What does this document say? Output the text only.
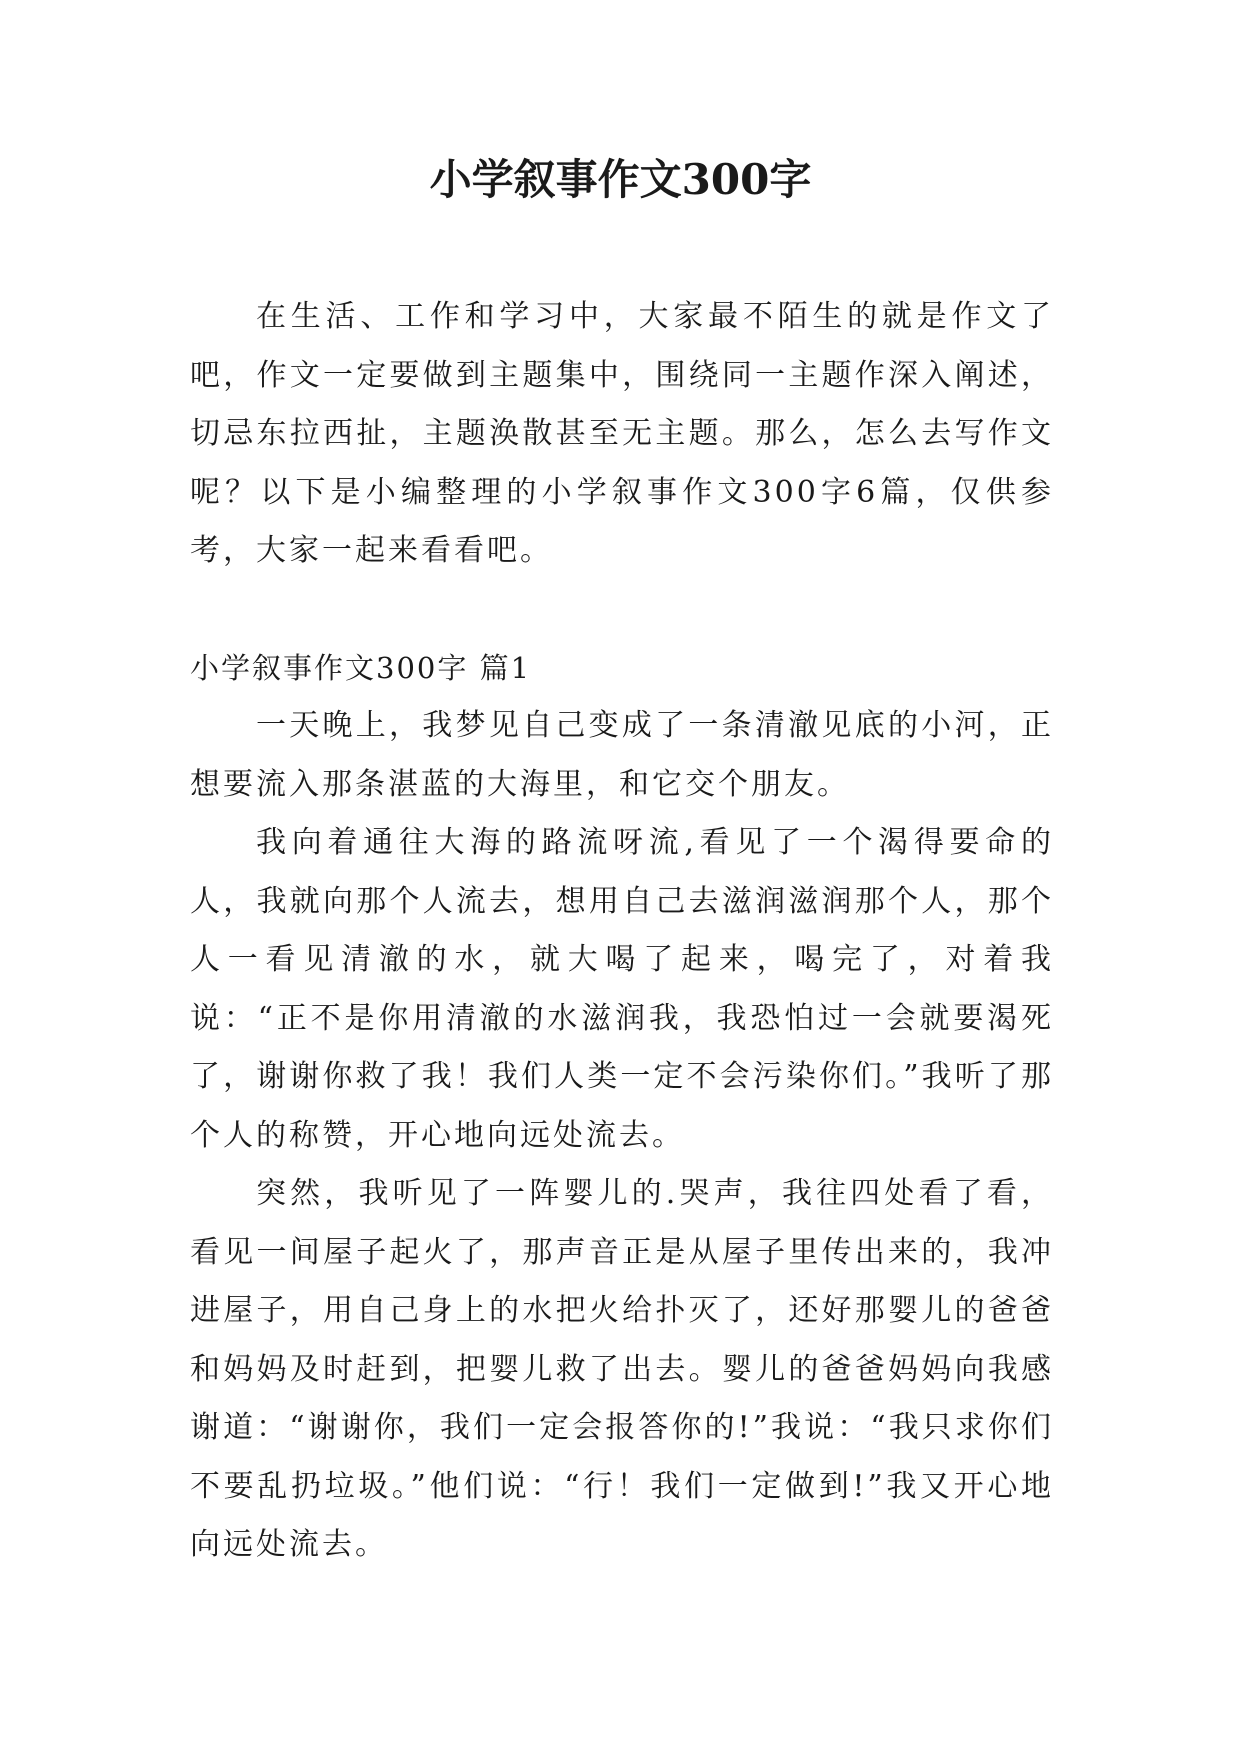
小学叙事作文300字

在生活、工作和学习中，大家最不陌生的就是作文了吧，作文一定要做到主题集中，围绕同一主题作深入阐述，切忌东拉西扯，主题涣散甚至无主题。那么，怎么去写作文呢？以下是小编整理的小学叙事作文300字6篇，仅供参考，大家一起来看看吧。

小学叙事作文300字 篇1

一天晚上，我梦见自己变成了一条清澈见底的小河，正想要流入那条湛蓝的大海里，和它交个朋友。

我向着通往大海的路流呀流,看见了一个渴得要命的人，我就向那个人流去，想用自己去滋润滋润那个人，那个人一看见清澈的水，就大喝了起来，喝完了，对着我说：“正不是你用清澈的水滋润我，我恐怕过一会就要渴死了，谢谢你救了我！我们人类一定不会污染你们。”我听了那个人的称赞，开心地向远处流去。

突然，我听见了一阵婴儿的.哭声，我往四处看了看，看见一间屋子起火了，那声音正是从屋子里传出来的，我冲进屋子，用自己身上的水把火给扑灭了，还好那婴儿的爸爸和妈妈及时赶到，把婴儿救了出去。婴儿的爸爸妈妈向我感谢道：“谢谢你，我们一定会报答你的!”我说：“我只求你们不要乱扔垃圾。”他们说：“行！我们一定做到!”我又开心地向远处流去。
